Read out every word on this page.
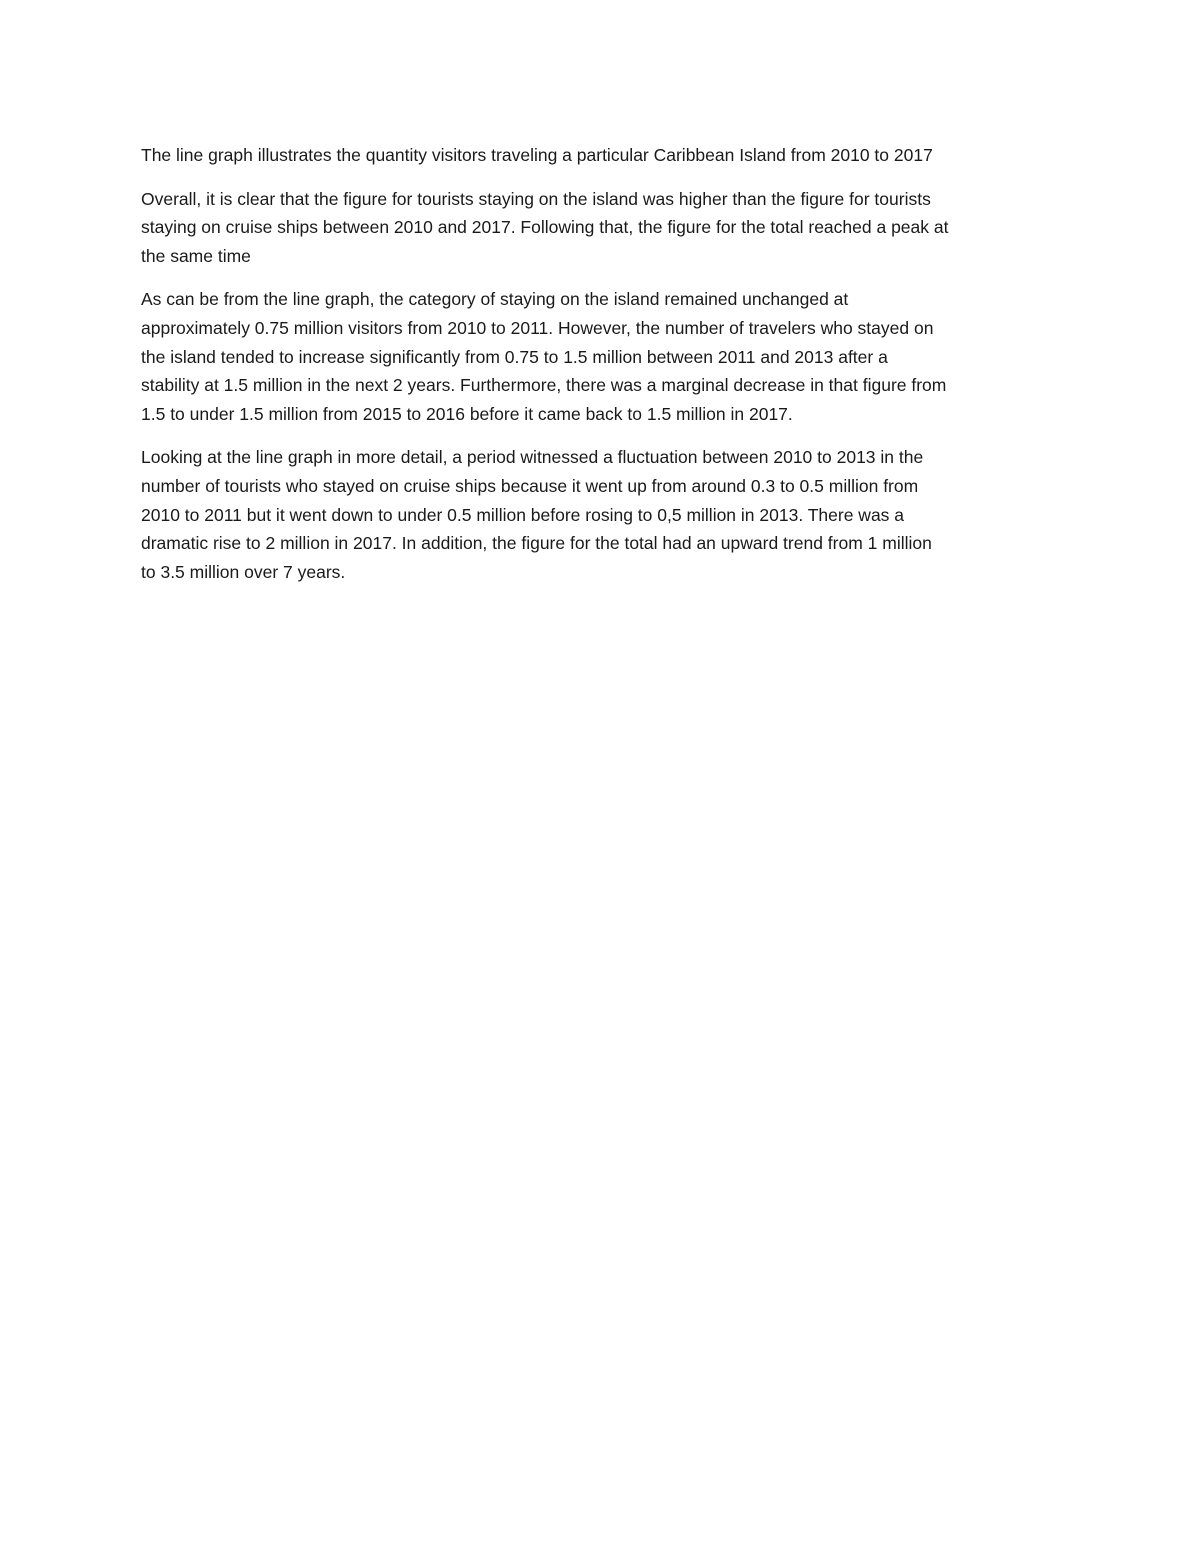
The line graph illustrates the quantity visitors traveling a particular Caribbean Island from 2010 to 2017

Overall, it is clear that the figure for tourists staying on the island was higher than the figure for tourists
staying on cruise ships between 2010 and 2017. Following that, the figure for the total reached a peak at
the same time

As can be from the line graph, the category of staying on the island remained unchanged at
approximately 0.75 million visitors from 2010 to 2011. However, the number of travelers who stayed on
the island tended to increase significantly from 0.75 to 1.5 million between 2011 and 2013 after a
stability at 1.5 million in the next 2 years. Furthermore, there was a marginal decrease in that figure from
1.5 to under 1.5 million from 2015 to 2016 before it came back to 1.5 million in 2017.

Looking at the line graph in more detail, a period witnessed a fluctuation between 2010 to 2013 in the
number of tourists who stayed on cruise ships because it went up from around 0.3 to 0.5 million from
2010 to 2011 but it went down to under 0.5 million before rosing to 0,5 million in 2013. There was a
dramatic rise to 2 million in 2017. In addition, the figure for the total had an upward trend from 1 million
to 3.5 million over 7 years.
